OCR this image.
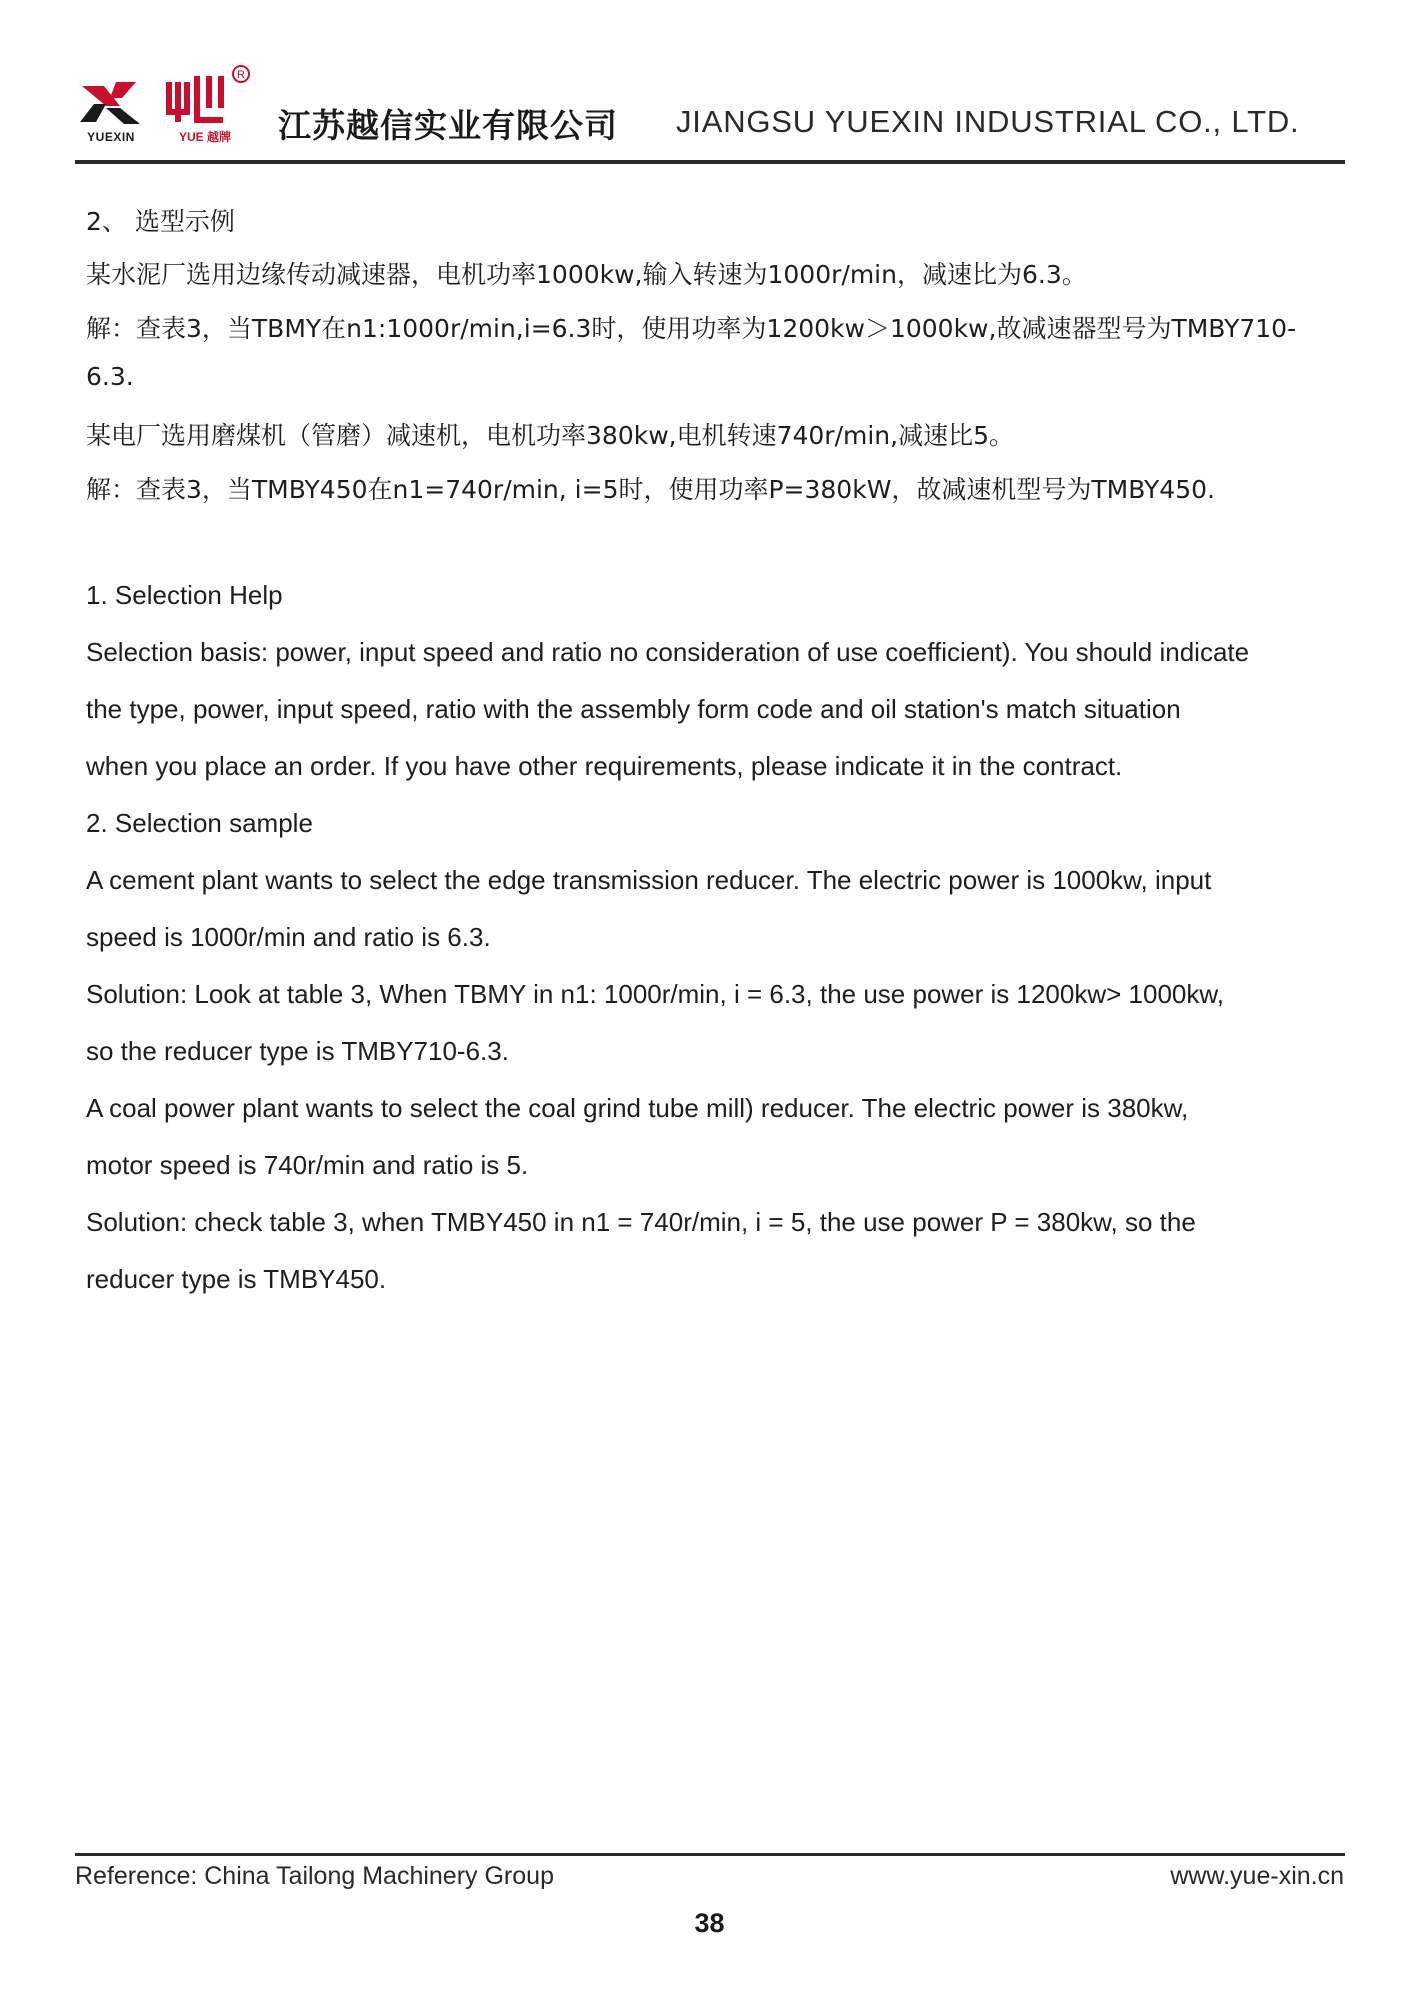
YUEXIN
R
YUE 越牌	江苏越信实业有限公司 JIANGSU YUEXIN INDUSTRIAL CO., LTD.
2、 选型示例
某水泥厂选用边缘传动减速器，电机功率1000kw,输入转速为1000r/min，减速比为6.3。
解：查表3，当TBMY在n1:1000r/min,i=6.3时，使用功率为1200kw＞1000kw,故减速器型号为TMBY710-
6.3.
某电厂选用磨煤机（管磨）减速机，电机功率380kw,电机转速740r/min,减速比5。
解：查表3，当TMBY450在n1=740r/min, i=5时，使用功率P=380kW，故减速机型号为TMBY450.
1. Selection Help
Selection basis: power, input speed and ratio no consideration of use coefficient). You should indicate
the type, power, input speed, ratio with the assembly form code and oil station's match situation
when you place an order. If you have other requirements, please indicate it in the contract.
2. Selection sample
A cement plant wants to select the edge transmission reducer. The electric power is 1000kw, input
speed is 1000r/min and ratio is 6.3.
Solution: Look at table 3, When TBMY in n1: 1000r/min, i = 6.3, the use power is 1200kw> 1000kw,
so the reducer type is TMBY710-6.3.
A coal power plant wants to select the coal grind tube mill) reducer. The electric power is 380kw,
motor speed is 740r/min and ratio is 5.
Solution: check table 3, when TMBY450 in n1 = 740r/min, i = 5, the use power P = 380kw, so the
reducer type is TMBY450.
Reference: China Tailong Machinery Group	www.yue-xin.cn
38
